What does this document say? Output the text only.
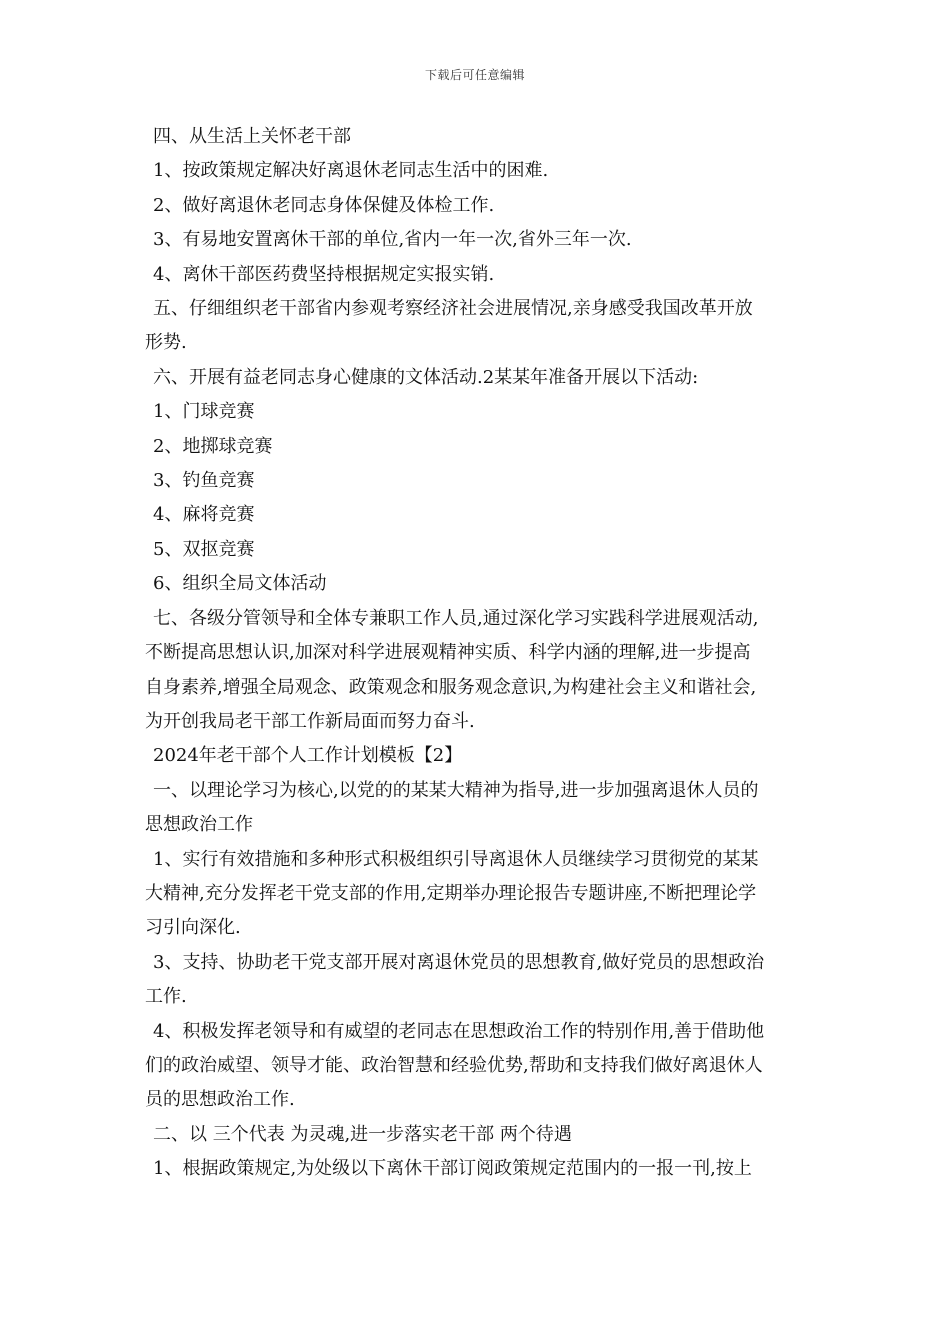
下载后可任意编辑

四、从生活上关怀老干部

1、按政策规定解决好离退休老同志生活中的困难.

2、做好离退休老同志身体保健及体检工作.

3、有易地安置离休干部的单位,省内一年一次,省外三年一次.

4、离休干部医药费坚持根据规定实报实销.

五、仔细组织老干部省内参观考察经济社会进展情况,亲身感受我国改革开放

形势.

六、开展有益老同志身心健康的文体活动.2某某年准备开展以下活动:

1、门球竞赛

2、地掷球竞赛

3、钓鱼竞赛

4、麻将竞赛

5、双抠竞赛

6、组织全局文体活动

七、各级分管领导和全体专兼职工作人员,通过深化学习实践科学进展观活动,

不断提高思想认识,加深对科学进展观精神实质、科学内涵的理解,进一步提高

自身素养,增强全局观念、政策观念和服务观念意识,为构建社会主义和谐社会,

为开创我局老干部工作新局面而努力奋斗.

2024年老干部个人工作计划模板【2】

一、以理论学习为核心,以党的的某某大精神为指导,进一步加强离退休人员的

思想政治工作

1、实行有效措施和多种形式积极组织引导离退休人员继续学习贯彻党的某某

大精神,充分发挥老干党支部的作用,定期举办理论报告专题讲座,不断把理论学

习引向深化.

3、支持、协助老干党支部开展对离退休党员的思想教育,做好党员的思想政治

工作.

4、积极发挥老领导和有威望的老同志在思想政治工作的特别作用,善于借助他

们的政治威望、领导才能、政治智慧和经验优势,帮助和支持我们做好离退休人

员的思想政治工作.

二、以 三个代表 为灵魂,进一步落实老干部 两个待遇

1、根据政策规定,为处级以下离休干部订阅政策规定范围内的一报一刊,按上
